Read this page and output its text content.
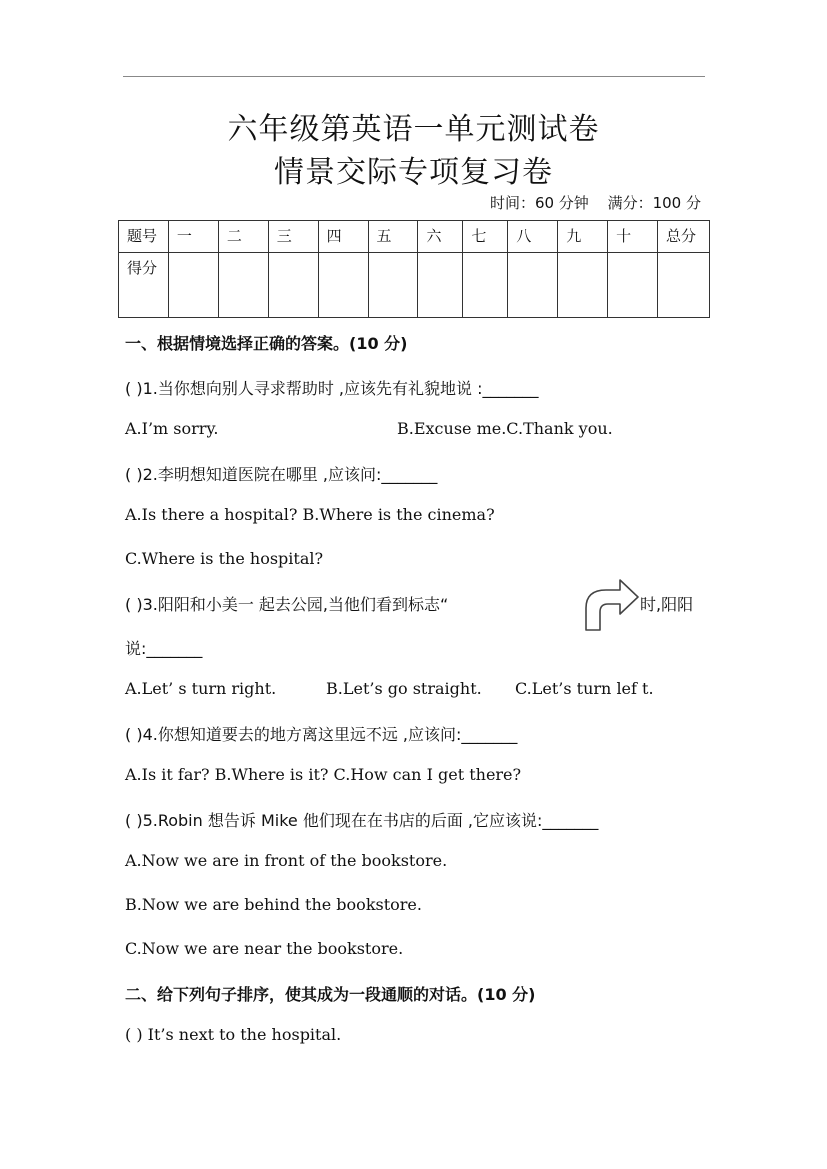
六年级第英语一单元测试卷
情景交际专项复习卷
时间：60 分钟 满分：100 分
题号	一	二	三	四	五	六	七	八	九	十	总分
得分											
一、根据情境选择正确的答案。(10 分)
( )1.当你想向别人寻求帮助时 ,应该先有礼貌地说 :_______
A.I’m sorry.	B.Excuse me.C.Thank you.
( )2.李明想知道医院在哪里 ,应该问:_______
A.Is there a hospital? B.Where is the cinema?
C.Where is the hospital?
( )3.阳阳和小美一 起去公园,当他们看到标志“	时,阳阳
说:_______
A.Let’ s turn right.	B.Let’s go straight. C.Let’s turn lef t.
( )4.你想知道要去的地方离这里远不远 ,应该问:_______
A.Is it far? B.Where is it? C.How can I get there?
( )5.Robin 想告诉 Mike 他们现在在书店的后面 ,它应该说:_______
A.Now we are in front of the bookstore.
B.Now we are behind the bookstore.
C.Now we are near the bookstore.
二、给下列句子排序，使其成为一段通顺的对话。(10 分)
( ) It’s next to the hospital.
